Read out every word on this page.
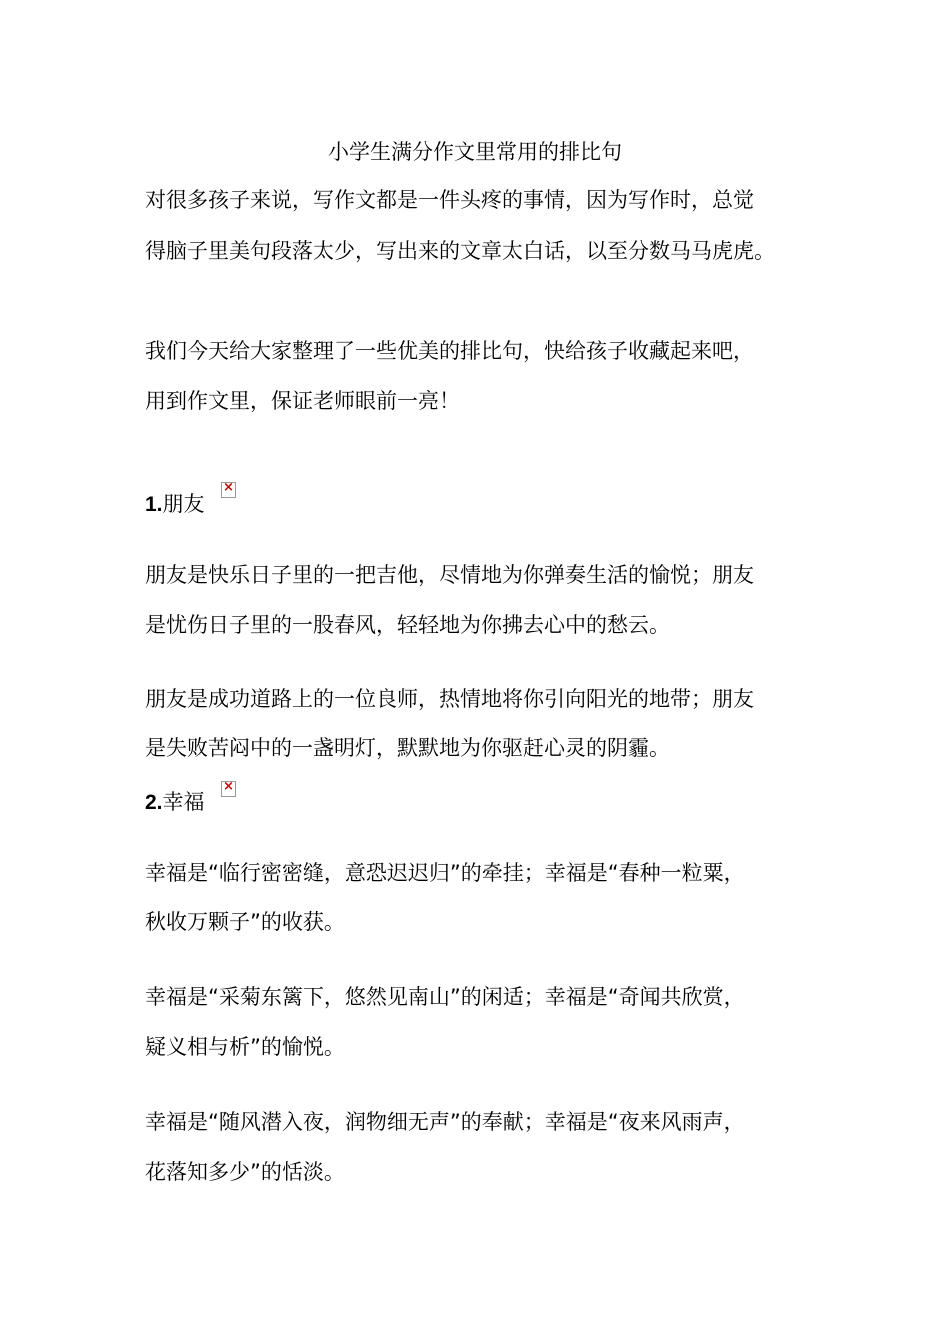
小学生满分作文里常用的排比句
对很多孩子来说，写作文都是一件头疼的事情，因为写作时，总觉
得脑子里美句段落太少，写出来的文章太白话，以至分数马马虎虎。
我们今天给大家整理了一些优美的排比句，快给孩子收藏起来吧，
用到作文里，保证老师眼前一亮！
1.朋友
×
朋友是快乐日子里的一把吉他，尽情地为你弹奏生活的愉悦；朋友
是忧伤日子里的一股春风，轻轻地为你拂去心中的愁云。
朋友是成功道路上的一位良师，热情地将你引向阳光的地带；朋友
是失败苦闷中的一盏明灯，默默地为你驱赶心灵的阴霾。
2.幸福
×
幸福是“临行密密缝，意恐迟迟归”的牵挂；幸福是“春种一粒粟，
秋收万颗子”的收获。
幸福是“采菊东篱下，悠然见南山”的闲适；幸福是“奇闻共欣赏，
疑义相与析”的愉悦。
幸福是“随风潜入夜，润物细无声”的奉献；幸福是“夜来风雨声，
花落知多少”的恬淡。
